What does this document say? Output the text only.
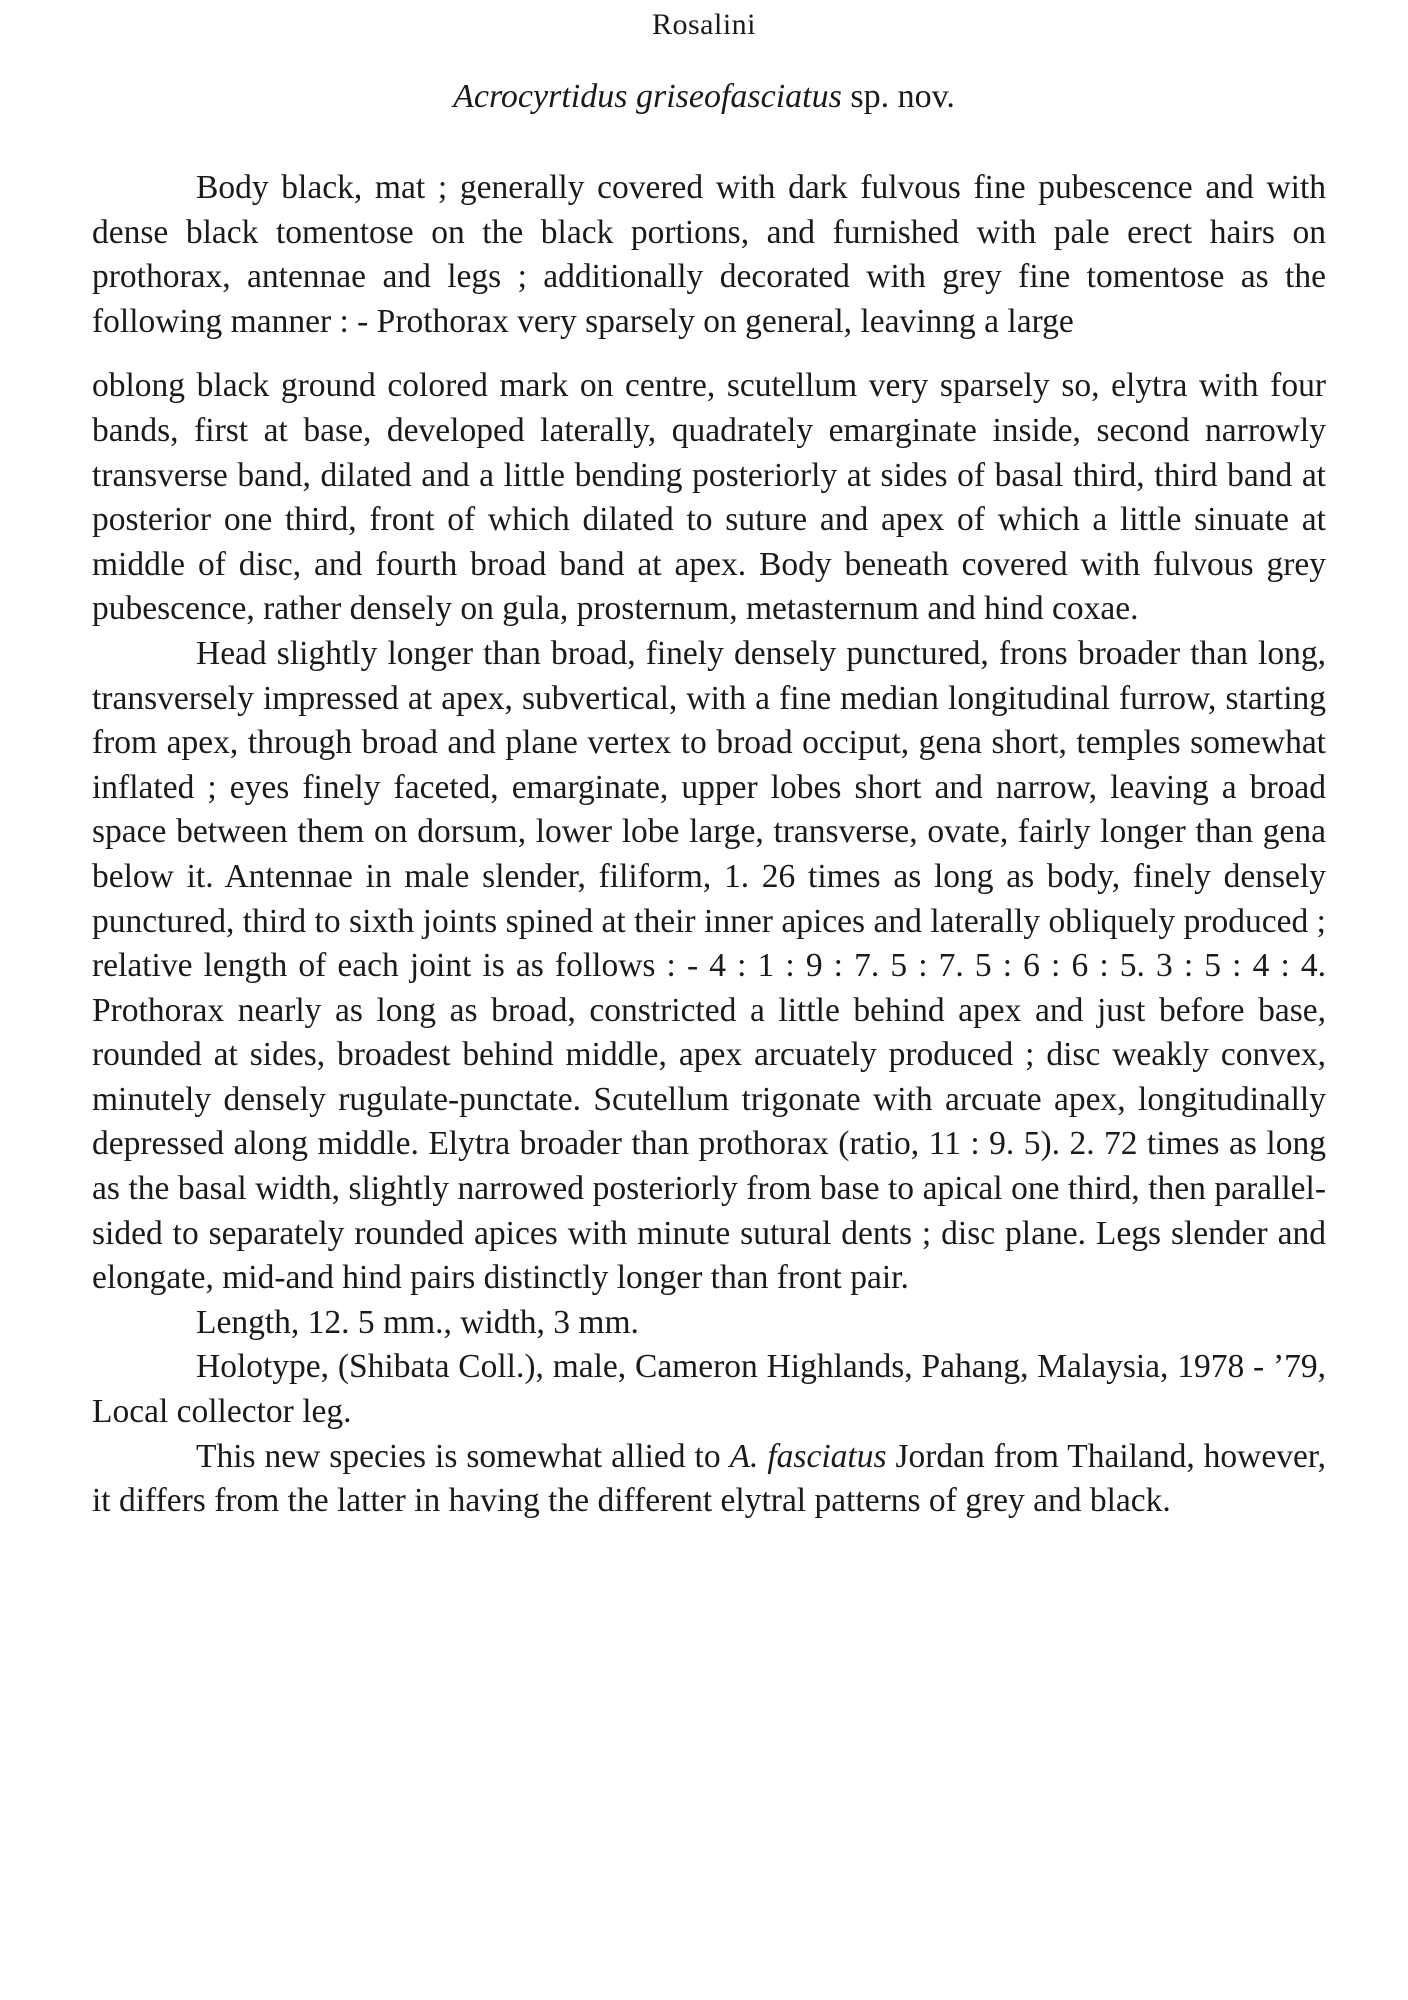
Rosalini
Acrocyrtidus griseofasciatus sp. nov.

Body black, mat ; generally covered with dark fulvous fine pubescence and with dense black tomentose on the black portions, and furnished with pale erect hairs on prothorax, antennae and legs ; additionally decorated with grey fine tomentose as the following manner : - Prothorax very sparsely on general, leavinng a large

oblong black ground colored mark on centre, scutellum very sparsely so, elytra with four bands, first at base, developed laterally, quadrately emarginate inside, second narrowly transverse band, dilated and a little bending posteriorly at sides of basal third, third band at posterior one third, front of which dilated to suture and apex of which a little sinuate at middle of disc, and fourth broad band at apex. Body beneath covered with fulvous grey pubescence, rather densely on gula, prosternum, metasternum and hind coxae.

Head slightly longer than broad, finely densely punctured, frons broader than long, transversely impressed at apex, subvertical, with a fine median longitudinal furrow, starting from apex, through broad and plane vertex to broad occiput, gena short, temples somewhat inflated ; eyes finely faceted, emarginate, upper lobes short and narrow, leaving a broad space between them on dorsum, lower lobe large, transverse, ovate, fairly longer than gena below it. Antennae in male slender, filiform, 1. 26 times as long as body, finely densely punctured, third to sixth joints spined at their inner apices and laterally obliquely produced ; relative length of each joint is as follows : - 4 : 1 : 9 : 7. 5 : 7. 5 : 6 : 6 : 5. 3 : 5 : 4 : 4. Prothorax nearly as long as broad, constricted a little behind apex and just before base, rounded at sides, broadest behind middle, apex arcuately produced ; disc weakly convex, minutely densely rugulate-punctate. Scutellum trigonate with arcuate apex, longitudinally depressed along middle. Elytra broader than prothorax (ratio, 11 : 9. 5). 2. 72 times as long as the basal width, slightly narrowed posteriorly from base to apical one third, then parallel-sided to separately rounded apices with minute sutural dents ; disc plane. Legs slender and elongate, mid-and hind pairs distinctly longer than front pair.

Length, 12. 5 mm., width, 3 mm.

Holotype, (Shibata Coll.), male, Cameron Highlands, Pahang, Malaysia, 1978 - ’79, Local collector leg.

This new species is somewhat allied to A. fasciatus Jordan from Thailand, however, it differs from the latter in having the different elytral patterns of grey and black.
